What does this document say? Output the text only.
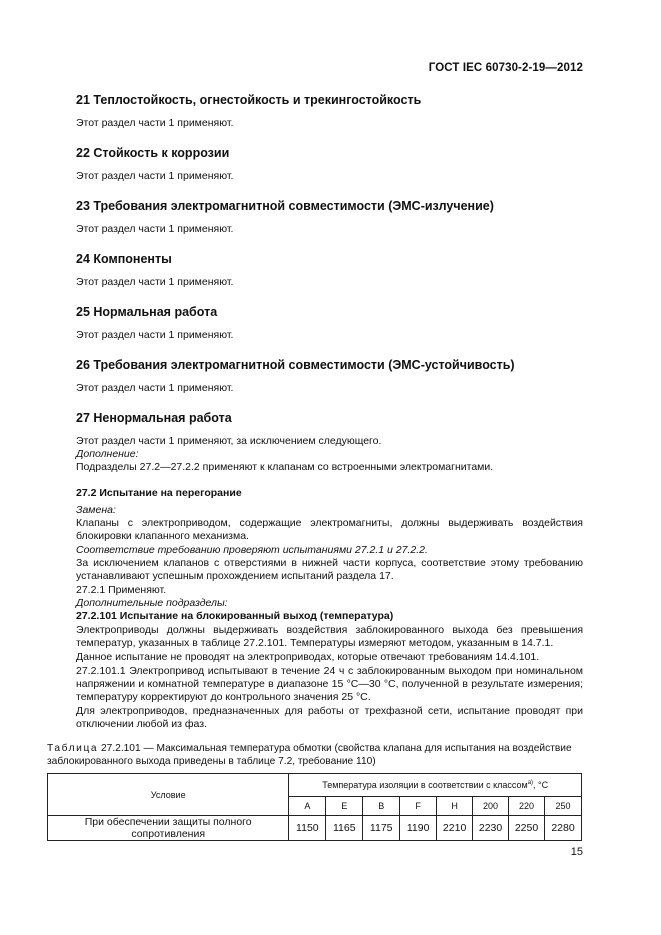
ГОСТ IEC 60730-2-19—2012
21 Теплостойкость, огнестойкость и трекингостойкость
Этот раздел части 1 применяют.
22 Стойкость к коррозии
Этот раздел части 1 применяют.
23 Требования электромагнитной совместимости (ЭМС-излучение)
Этот раздел части 1 применяют.
24 Компоненты
Этот раздел части 1 применяют.
25 Нормальная работа
Этот раздел части 1 применяют.
26 Требования электромагнитной совместимости (ЭМС-устойчивость)
Этот раздел части 1 применяют.
27 Ненормальная работа
Этот раздел части 1 применяют, за исключением следующего.
Дополнение:
Подразделы 27.2—27.2.2 применяют к клапанам со встроенными электромагнитами.
27.2 Испытание на перегорание
Замена:
Клапаны с электроприводом, содержащие электромагниты, должны выдерживать воздействия блокировки клапанного механизма.
Соответствие требованию проверяют испытаниями 27.2.1 и 27.2.2.
За исключением клапанов с отверстиями в нижней части корпуса, соответствие этому требованию устанавливают успешным прохождением испытаний раздела 17.
27.2.1 Применяют.
Дополнительные подразделы:
27.2.101 Испытание на блокированный выход (температура)
Электроприводы должны выдерживать воздействия заблокированного выхода без превышения температур, указанных в таблице 27.2.101. Температуры измеряют методом, указанным в 14.7.1.
Данное испытание не проводят на электроприводах, которые отвечают требованиям 14.4.101.
27.2.101.1 Электропривод испытывают в течение 24 ч с заблокированным выходом при номинальном напряжении и комнатной температуре в диапазоне 15 °C—30 °C, полученной в результате измерения; температуру корректируют до контрольного значения 25 °C.
Для электроприводов, предназначенных для работы от трехфазной сети, испытание проводят при отключении любой из фаз.
Таблица 27.2.101 — Максимальная температура обмотки (свойства клапана для испытания на воздействие заблокированного выхода приведены в таблице 7.2, требование 110)
Условие	Температура изоляции в соответствии с классом$^{а)}$, °C							
	A	E	B	F	H	200	220	250
При обеспечении защиты полного сопротивления	1150	1165	1175	1190	2210	2230	2250	2280
15
